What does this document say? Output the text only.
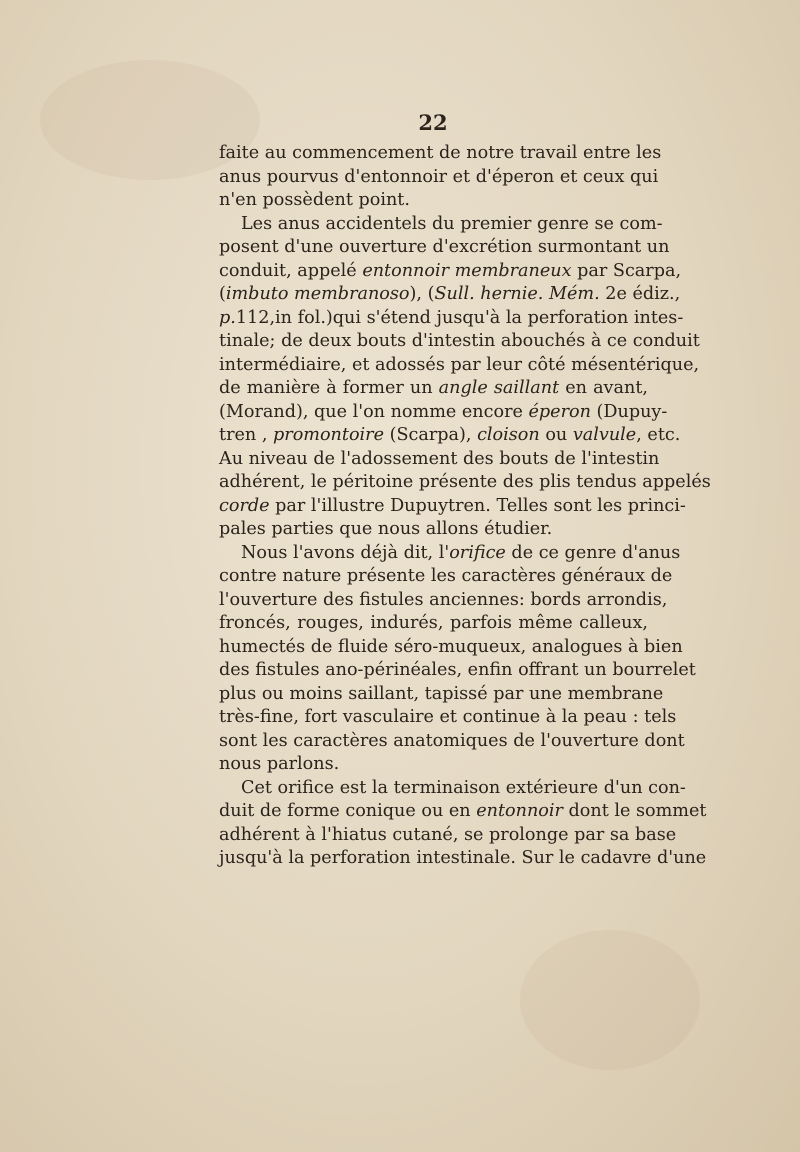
22
faite au commencement de notre travail entre les
anus pourvus d'entonnoir et d'éperon et ceux qui
n'en possèdent point.
Les anus accidentels du premier genre se com-
posent d'une ouverture d'excrétion surmontant un
conduit, appelé entonnoir membraneux par Scarpa,
(imbuto membranoso), (Sull. hernie. Mém. 2e édiz.,
p.112,in fol.)qui s'étend jusqu'à la perforation intes-
tinale; de deux bouts d'intestin abouchés à ce conduit
intermédiaire, et adossés par leur côté mésentérique,
de manière à former un angle saillant en avant,
(Morand), que l'on nomme encore éperon (Dupuy-
tren , promontoire (Scarpa), cloison ou valvule, etc.
Au niveau de l'adossement des bouts de l'intestin
adhérent, le péritoine présente des plis tendus appelés
corde par l'illustre Dupuytren. Telles sont les princi-
pales parties que nous allons étudier.
Nous l'avons déjà dit, l'orifice de ce genre d'anus
contre nature présente les caractères généraux de
l'ouverture des fistules anciennes: bords arrondis,
froncés, rouges, indurés, parfois même calleux,
humectés de fluide séro-muqueux, analogues à bien
des fistules ano-périnéales, enfin offrant un bourrelet
plus ou moins saillant, tapissé par une membrane
très-fine, fort vasculaire et continue à la peau : tels
sont les caractères anatomiques de l'ouverture dont
nous parlons.
Cet orifice est la terminaison extérieure d'un con-
duit de forme conique ou en entonnoir dont le sommet
adhérent à l'hiatus cutané, se prolonge par sa base
jusqu'à la perforation intestinale. Sur le cadavre d'une
